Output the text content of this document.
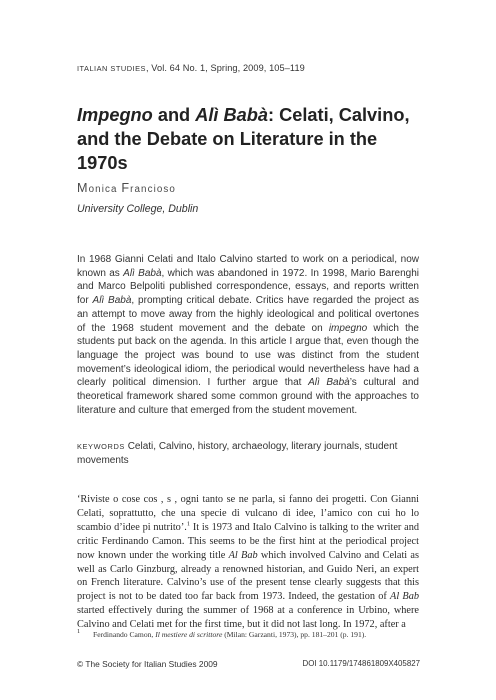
ITALIAN STUDIES, Vol. 64 No. 1, Spring, 2009, 105–119
Impegno and Alì Babà: Celati, Calvino, and the Debate on Literature in the 1970s
Monica Francioso
University College, Dublin

In 1968 Gianni Celati and Italo Calvino started to work on a periodical, now known as Alì Babà, which was abandoned in 1972. In 1998, Mario Barenghi and Marco Belpoliti published correspondence, essays, and reports written for Alì Babà, prompting critical debate. Critics have regarded the project as an attempt to move away from the highly ideological and political overtones of the 1968 student movement and the debate on impegno which the students put back on the agenda. In this article I argue that, even though the language the project was bound to use was distinct from the student movement’s ideological idiom, the periodical would nevertheless have had a clearly political dimension. I further argue that Alì Babà’s cultural and theoretical framework shared some common ground with the approaches to literature and culture that emerged from the student movement.

KEYWORDS Celati, Calvino, history, archaeology, literary journals, student movements

‘Riviste o cose cos , s , ogni tanto se ne parla, si fanno dei progetti. Con Gianni Celati, soprattutto, che una specie di vulcano di idee, l’amico con cui ho lo scambio d’idee pi nutrito’.$^1$ It is 1973 and Italo Calvino is talking to the writer and critic Ferdinando Camon. This seems to be the first hint at the periodical project now known under the working title Al Bab which involved Calvino and Celati as well as Carlo Ginzburg, already a renowned historian, and Guido Neri, an expert on French literature. Calvino’s use of the present tense clearly suggests that this project is not to be dated too far back from 1973. Indeed, the gestation of Al Bab started effectively during the summer of 1968 at a conference in Urbino, where Calvino and Celati met for the first time, but it did not last long. In 1972, after a

$^1$ Ferdinando Camon, Il mestiere di scrittore (Milan: Garzanti, 1973), pp. 181–201 (p. 191).
© The Society for Italian Studies 2009	DOI 10.1179/174861809X405827
